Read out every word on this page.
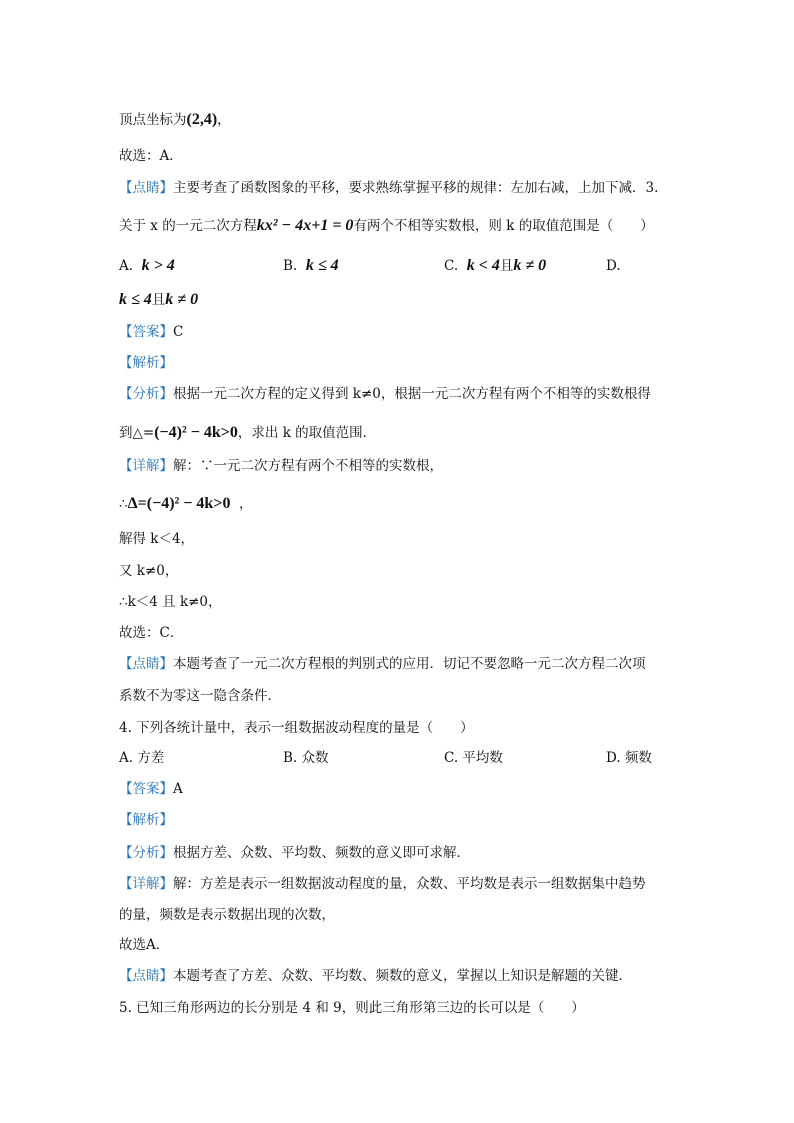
顶点坐标为(2,4)，
故选：A．
【点睛】主要考查了函数图象的平移，要求熟练掌握平移的规律：左加右减，上加下减．3.
关于 x 的一元二次方程kx² − 4x+1 = 0有两个不相等实数根，则 k 的取值范围是（　　）
A. k > 4	B. k ≤ 4	C. k < 4且k ≠ 0	D.
k ≤ 4且k ≠ 0
【答案】C
【解析】
【分析】根据一元二次方程的定义得到 k≠0，根据一元二次方程有两个不相等的实数根得
到△=(−4)² − 4k>0，求出 k 的取值范围．
【详解】解：∵一元二次方程有两个不相等的实数根，
∴Δ=(−4)² − 4k>0 ，
解得 k＜4，
又 k≠0，
∴k＜4 且 k≠0，
故选：C．
【点睛】本题考查了一元二次方程根的判别式的应用．切记不要忽略一元二次方程二次项
系数不为零这一隐含条件．
4. 下列各统计量中，表示一组数据波动程度的量是（　　）
A. 方差	B. 众数	C. 平均数	D. 频数
【答案】A
【解析】
【分析】根据方差、众数、平均数、频数的意义即可求解．
【详解】解：方差是表示一组数据波动程度的量，众数、平均数是表示一组数据集中趋势
的量，频数是表示数据出现的次数，
故选A．
【点睛】本题考查了方差、众数、平均数、频数的意义，掌握以上知识是解题的关键．
5. 已知三角形两边的长分别是 4 和 9，则此三角形第三边的长可以是（　　）
